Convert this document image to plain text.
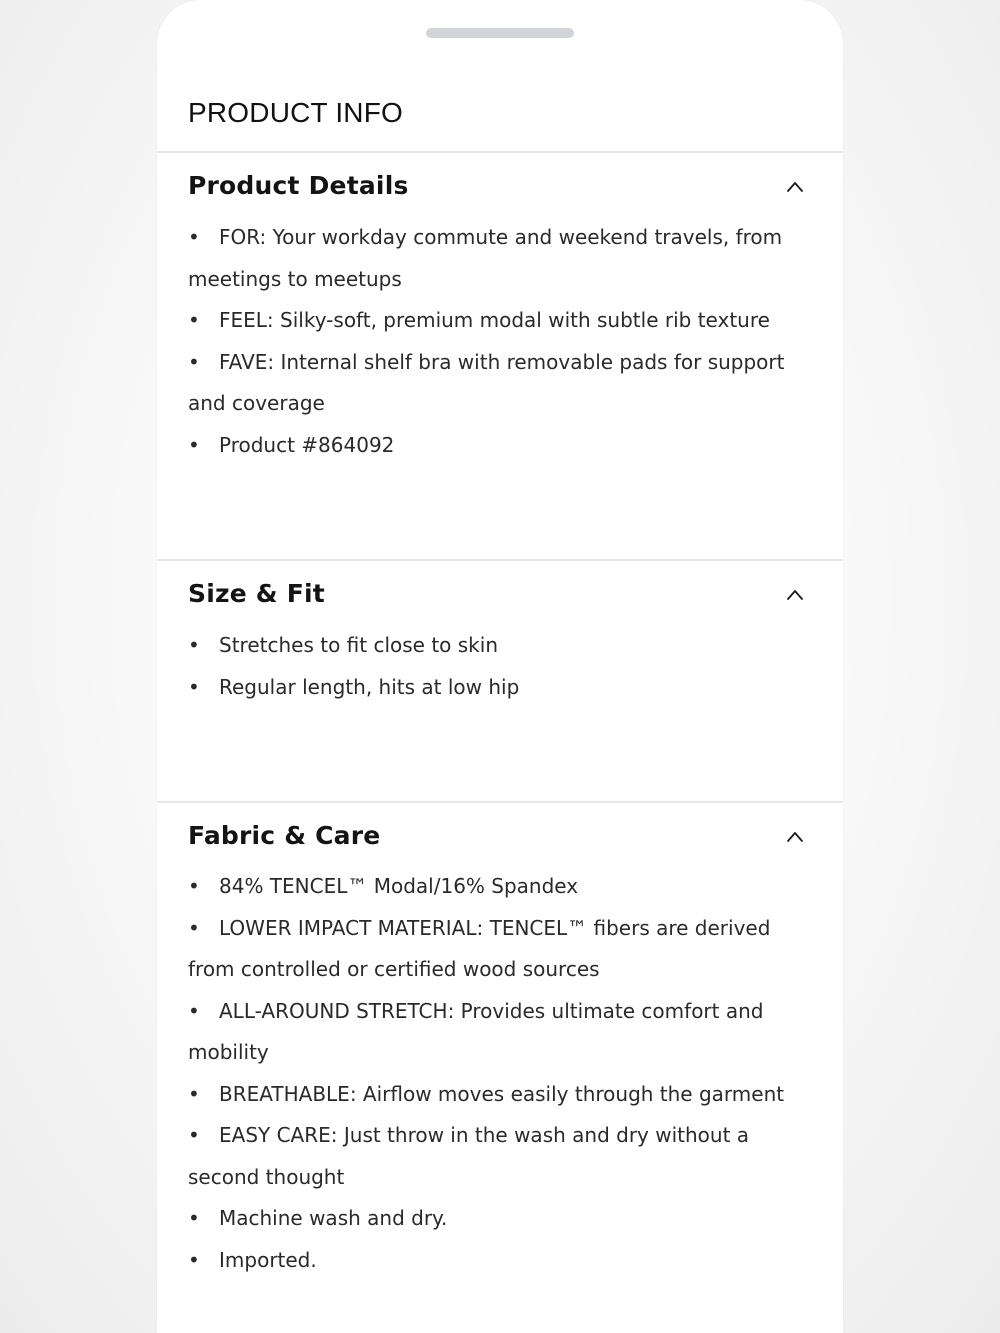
PRODUCT INFO
Product Details
• FOR: Your workday commute and weekend travels, from meetings to meetups
• FEEL: Silky-soft, premium modal with subtle rib texture
• FAVE: Internal shelf bra with removable pads for support and coverage
• Product #864092
Size & Fit
• Stretches to fit close to skin
• Regular length, hits at low hip
Fabric & Care
• 84% TENCEL™ Modal/16% Spandex
• LOWER IMPACT MATERIAL: TENCEL™ fibers are derived from controlled or certified wood sources
• ALL-AROUND STRETCH: Provides ultimate comfort and mobility
• BREATHABLE: Airflow moves easily through the garment
• EASY CARE: Just throw in the wash and dry without a second thought
• Machine wash and dry.
• Imported.
